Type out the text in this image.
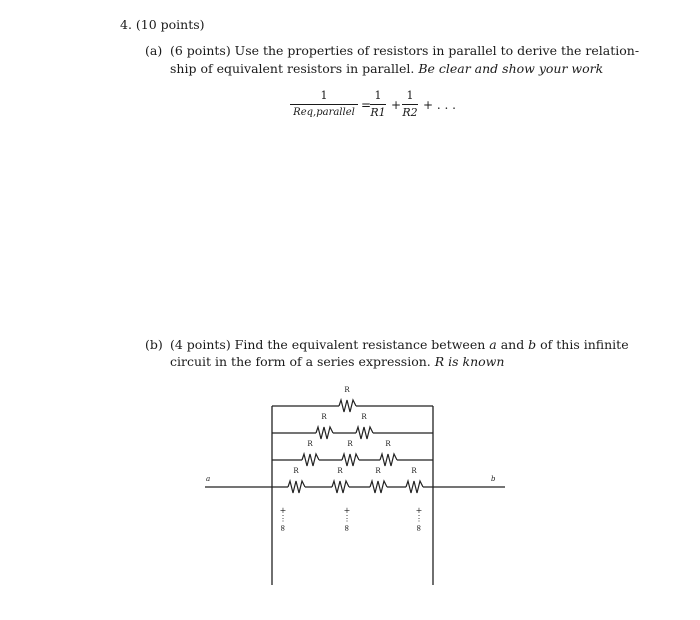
4. (10 points)
(a) (6 points) Use the properties of resistors in parallel to derive the relation-
ship of equivalent resistors in parallel. Be clear and show your work
1
Req,parallel
=
1
R1
+
1
R2
+ . . .
(b) (4 points) Find the equivalent resistance between a and b of this infinite
circuit in the form of a series expression. R is known
R
R	R
R	R	R
R	R	R	R
a	b
+
⋮
∞
+
⋮
∞
+
⋮
∞
